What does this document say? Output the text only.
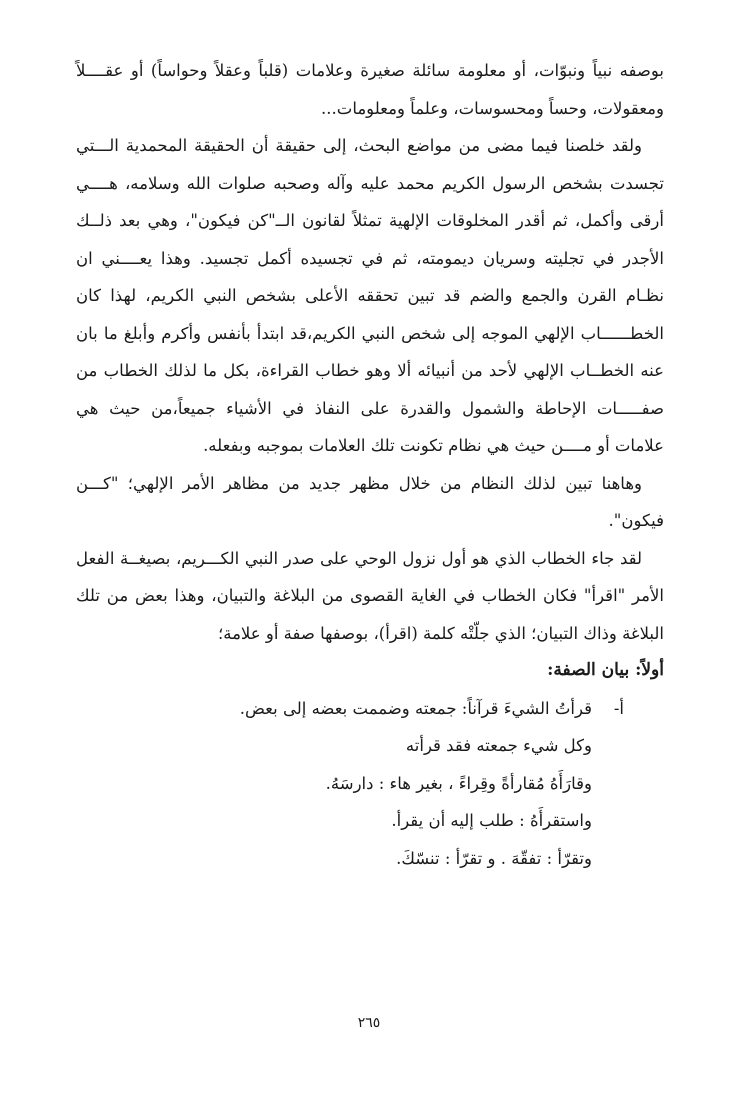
بوصفه نبياً ونبوّات، أو معلومة سائلة صغيرة وعلامات (قلباً وعقلاً وحواساً) أو عقــــلاً ومعقولات، وحساً ومحسوسات، وعلماً ومعلومات...

ولقد خلصنا فيما مضى من مواضع البحث، إلى حقيقة أن الحقيقة المحمدية الـــتي تجسدت بشخص الرسول الكريم محمد عليه وآله وصحبه صلوات الله وسلامه، هــــي أرقى وأكمل، ثم أقدر المخلوقات الإلهية تمثلاً لقانون الــ"كن فيكون"، وهي بعد ذلــك الأجدر في تجليته وسريان ديمومته، ثم في تجسيده أكمل تجسيد. وهذا يعــــني ان نظـام القرن والجمع والضم قد تبين تحققه الأعلى بشخص النبي الكريم، لهذا كان الخطــــــاب الإلهي الموجه إلى شخص النبي الكريم،قد ابتدأ بأنفس وأكرم وأبلغ ما بان عنه الخطــاب الإلهي لأحد من أنبيائه ألا وهو خطاب القراءة، بكل ما لذلك الخطاب من صفـــــات الإحاطة والشمول والقدرة على النفاذ في الأشياء جميعاً،من حيث هي علامات أو مــــن حيث هي نظام تكونت تلك العلامات بموجبه وبفعله.

وهاهنا تبين لذلك النظام من خلال مظهر جديد من مظاهر الأمر الإلهي؛ "كـــن فيكون".

لقد جاء الخطاب الذي هو أول نزول الوحي على صدر النبي الكـــريم، بصيغــة الفعل الأمر "اقرأ" فكان الخطاب في الغاية القصوى من البلاغة والتبيان، وهذا بعض من تلك البلاغة وذاك التبيان؛ الذي جلّتْه كلمة (اقرأ)، بوصفها صفة أو علامة؛

أولاً: بيان الصفة:

أ-قرأتُ الشيءَ قرآناً: جمعته وضممت بعضه إلى بعض.
وكل شيء جمعته فقد قرأته
وقارَأَهُ مُقارأةً وقِراءً ، بغير هاء : دارسَهُ.
واستقرأَهُ : طلب إليه أن يقرأ.
وتقرّأ : تفقّهَ . و تقرّأ : تنسّكَ.
٢٦٥
